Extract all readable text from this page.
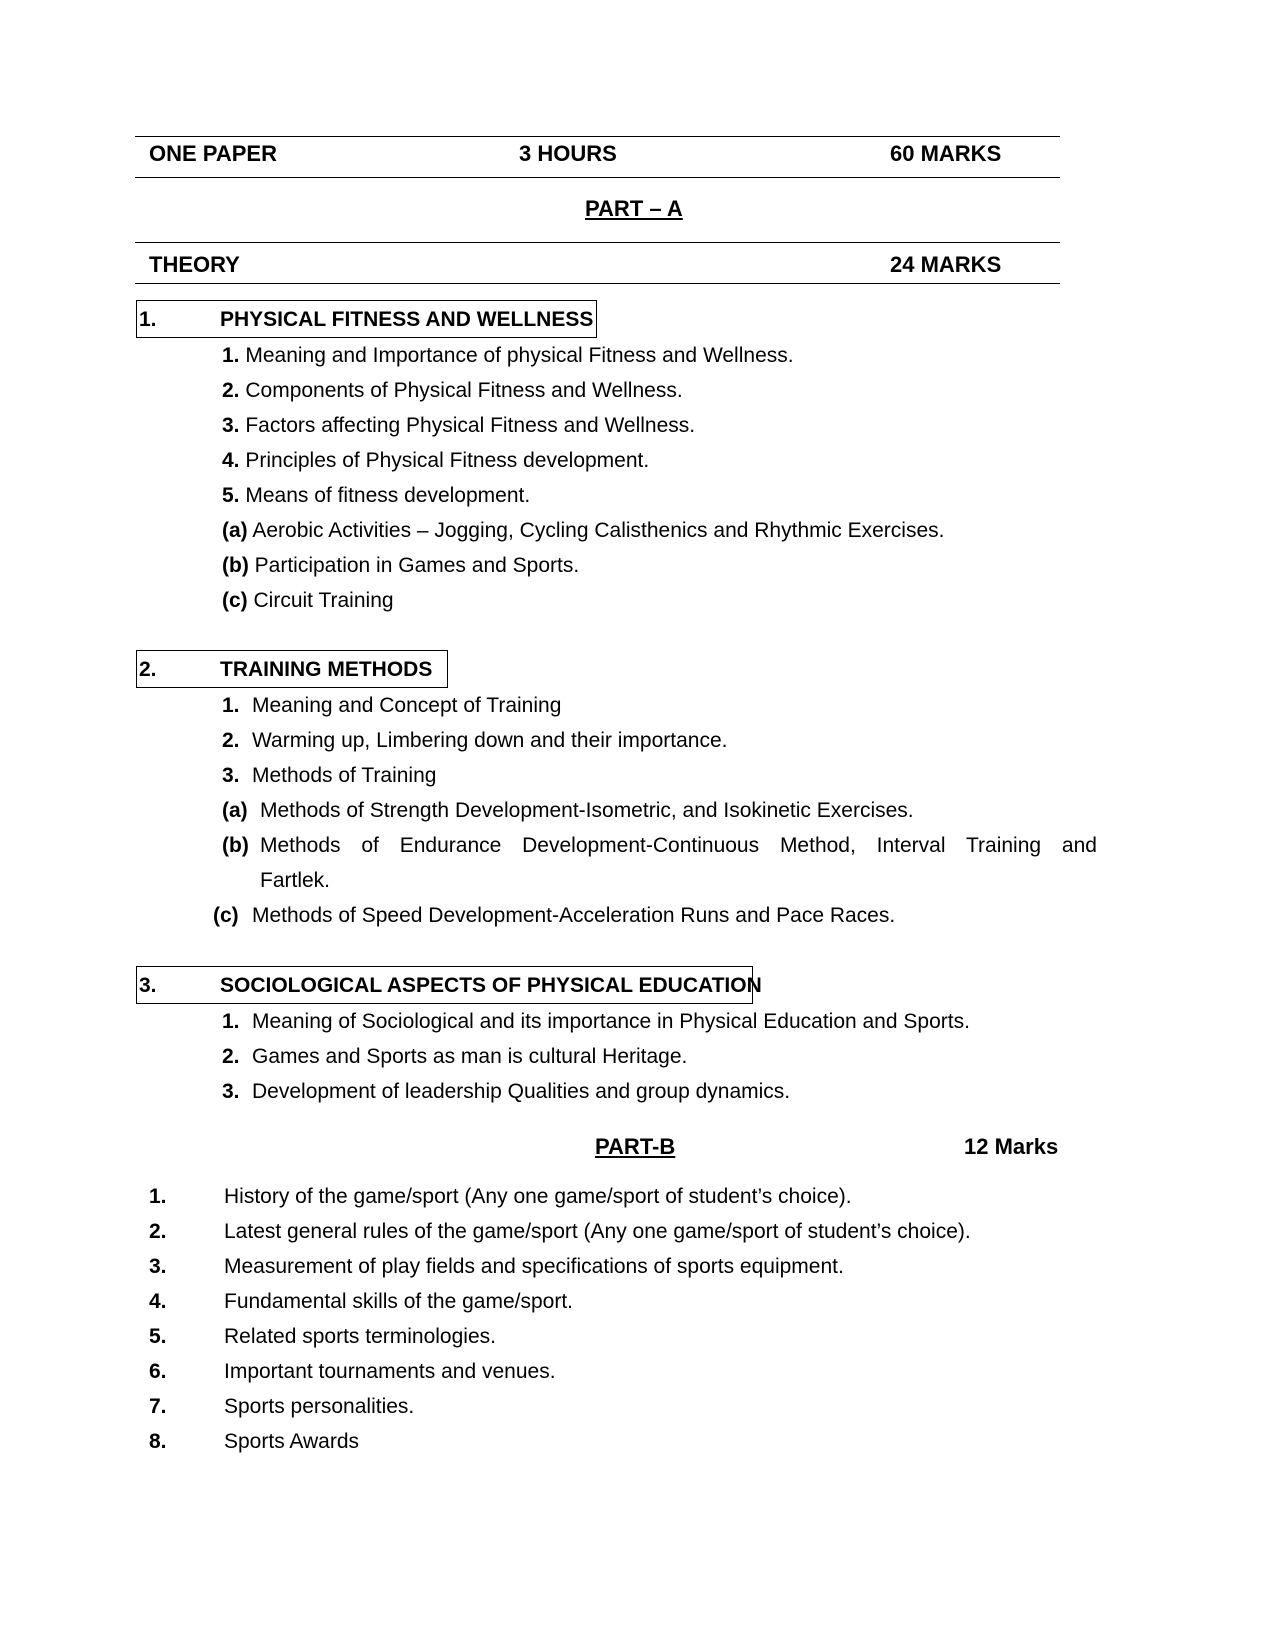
ONE PAPER	3 HOURS	60 MARKS
PART – A
THEORY	24 MARKS
1.	PHYSICAL FITNESS AND WELLNESS
1. Meaning and Importance of physical Fitness and Wellness.
2. Components of Physical Fitness and Wellness.
3. Factors affecting Physical Fitness and Wellness.
4. Principles of Physical Fitness development.
5. Means of fitness development.
(a) Aerobic Activities – Jogging, Cycling Calisthenics and Rhythmic Exercises.
(b) Participation in Games and Sports.
(c) Circuit Training
2.	TRAINING METHODS
1. Meaning and Concept of Training
2. Warming up, Limbering down and their importance.
3. Methods of Training
(a) Methods of Strength Development-Isometric, and Isokinetic Exercises.
(b) Methods of Endurance Development-Continuous Method, Interval Training and
Fartlek.
(c) Methods of Speed Development-Acceleration Runs and Pace Races.
3.	SOCIOLOGICAL ASPECTS OF PHYSICAL EDUCATION
1. Meaning of Sociological and its importance in Physical Education and Sports.
2. Games and Sports as man is cultural Heritage.
3. Development of leadership Qualities and group dynamics.
PART-B	12 Marks
1.	History of the game/sport (Any one game/sport of student’s choice).
2.	Latest general rules of the game/sport (Any one game/sport of student’s choice).
3.	Measurement of play fields and specifications of sports equipment.
4.	Fundamental skills of the game/sport.
5.	Related sports terminologies.
6.	Important tournaments and venues.
7.	Sports personalities.
8.	Sports Awards
